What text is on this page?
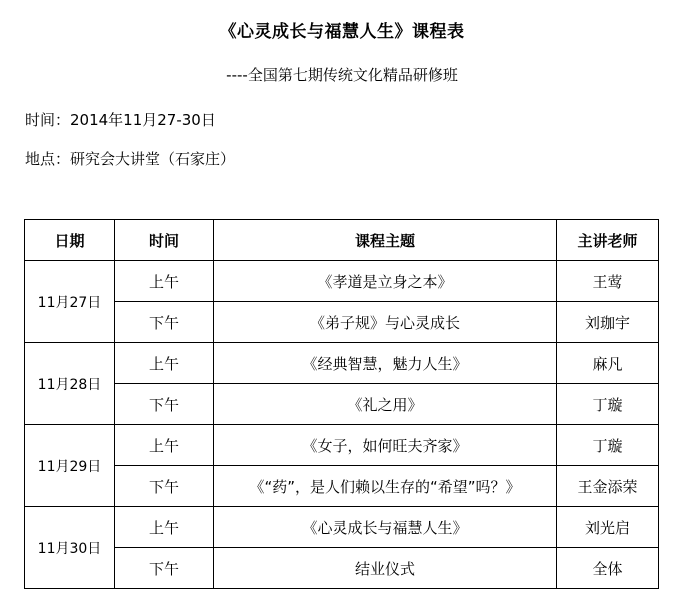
《心灵成长与福慧人生》课程表
----全国第七期传统文化精品研修班
时间：2014年11月27-30日
地点：研究会大讲堂（石家庄）
日期	时间	课程主题	主讲老师
11月27日	上午	《孝道是立身之本》	王莺
	下午	《弟子规》与心灵成长	刘珈宇
11月28日	上午	《经典智慧，魅力人生》	麻凡
	下午	《礼之用》	丁璇
11月29日	上午	《女子，如何旺夫齐家》	丁璇
	下午	《“药”，是人们赖以生存的“希望”吗？》	王金添荣
11月30日	上午	《心灵成长与福慧人生》	刘光启
	下午	结业仪式	全体
